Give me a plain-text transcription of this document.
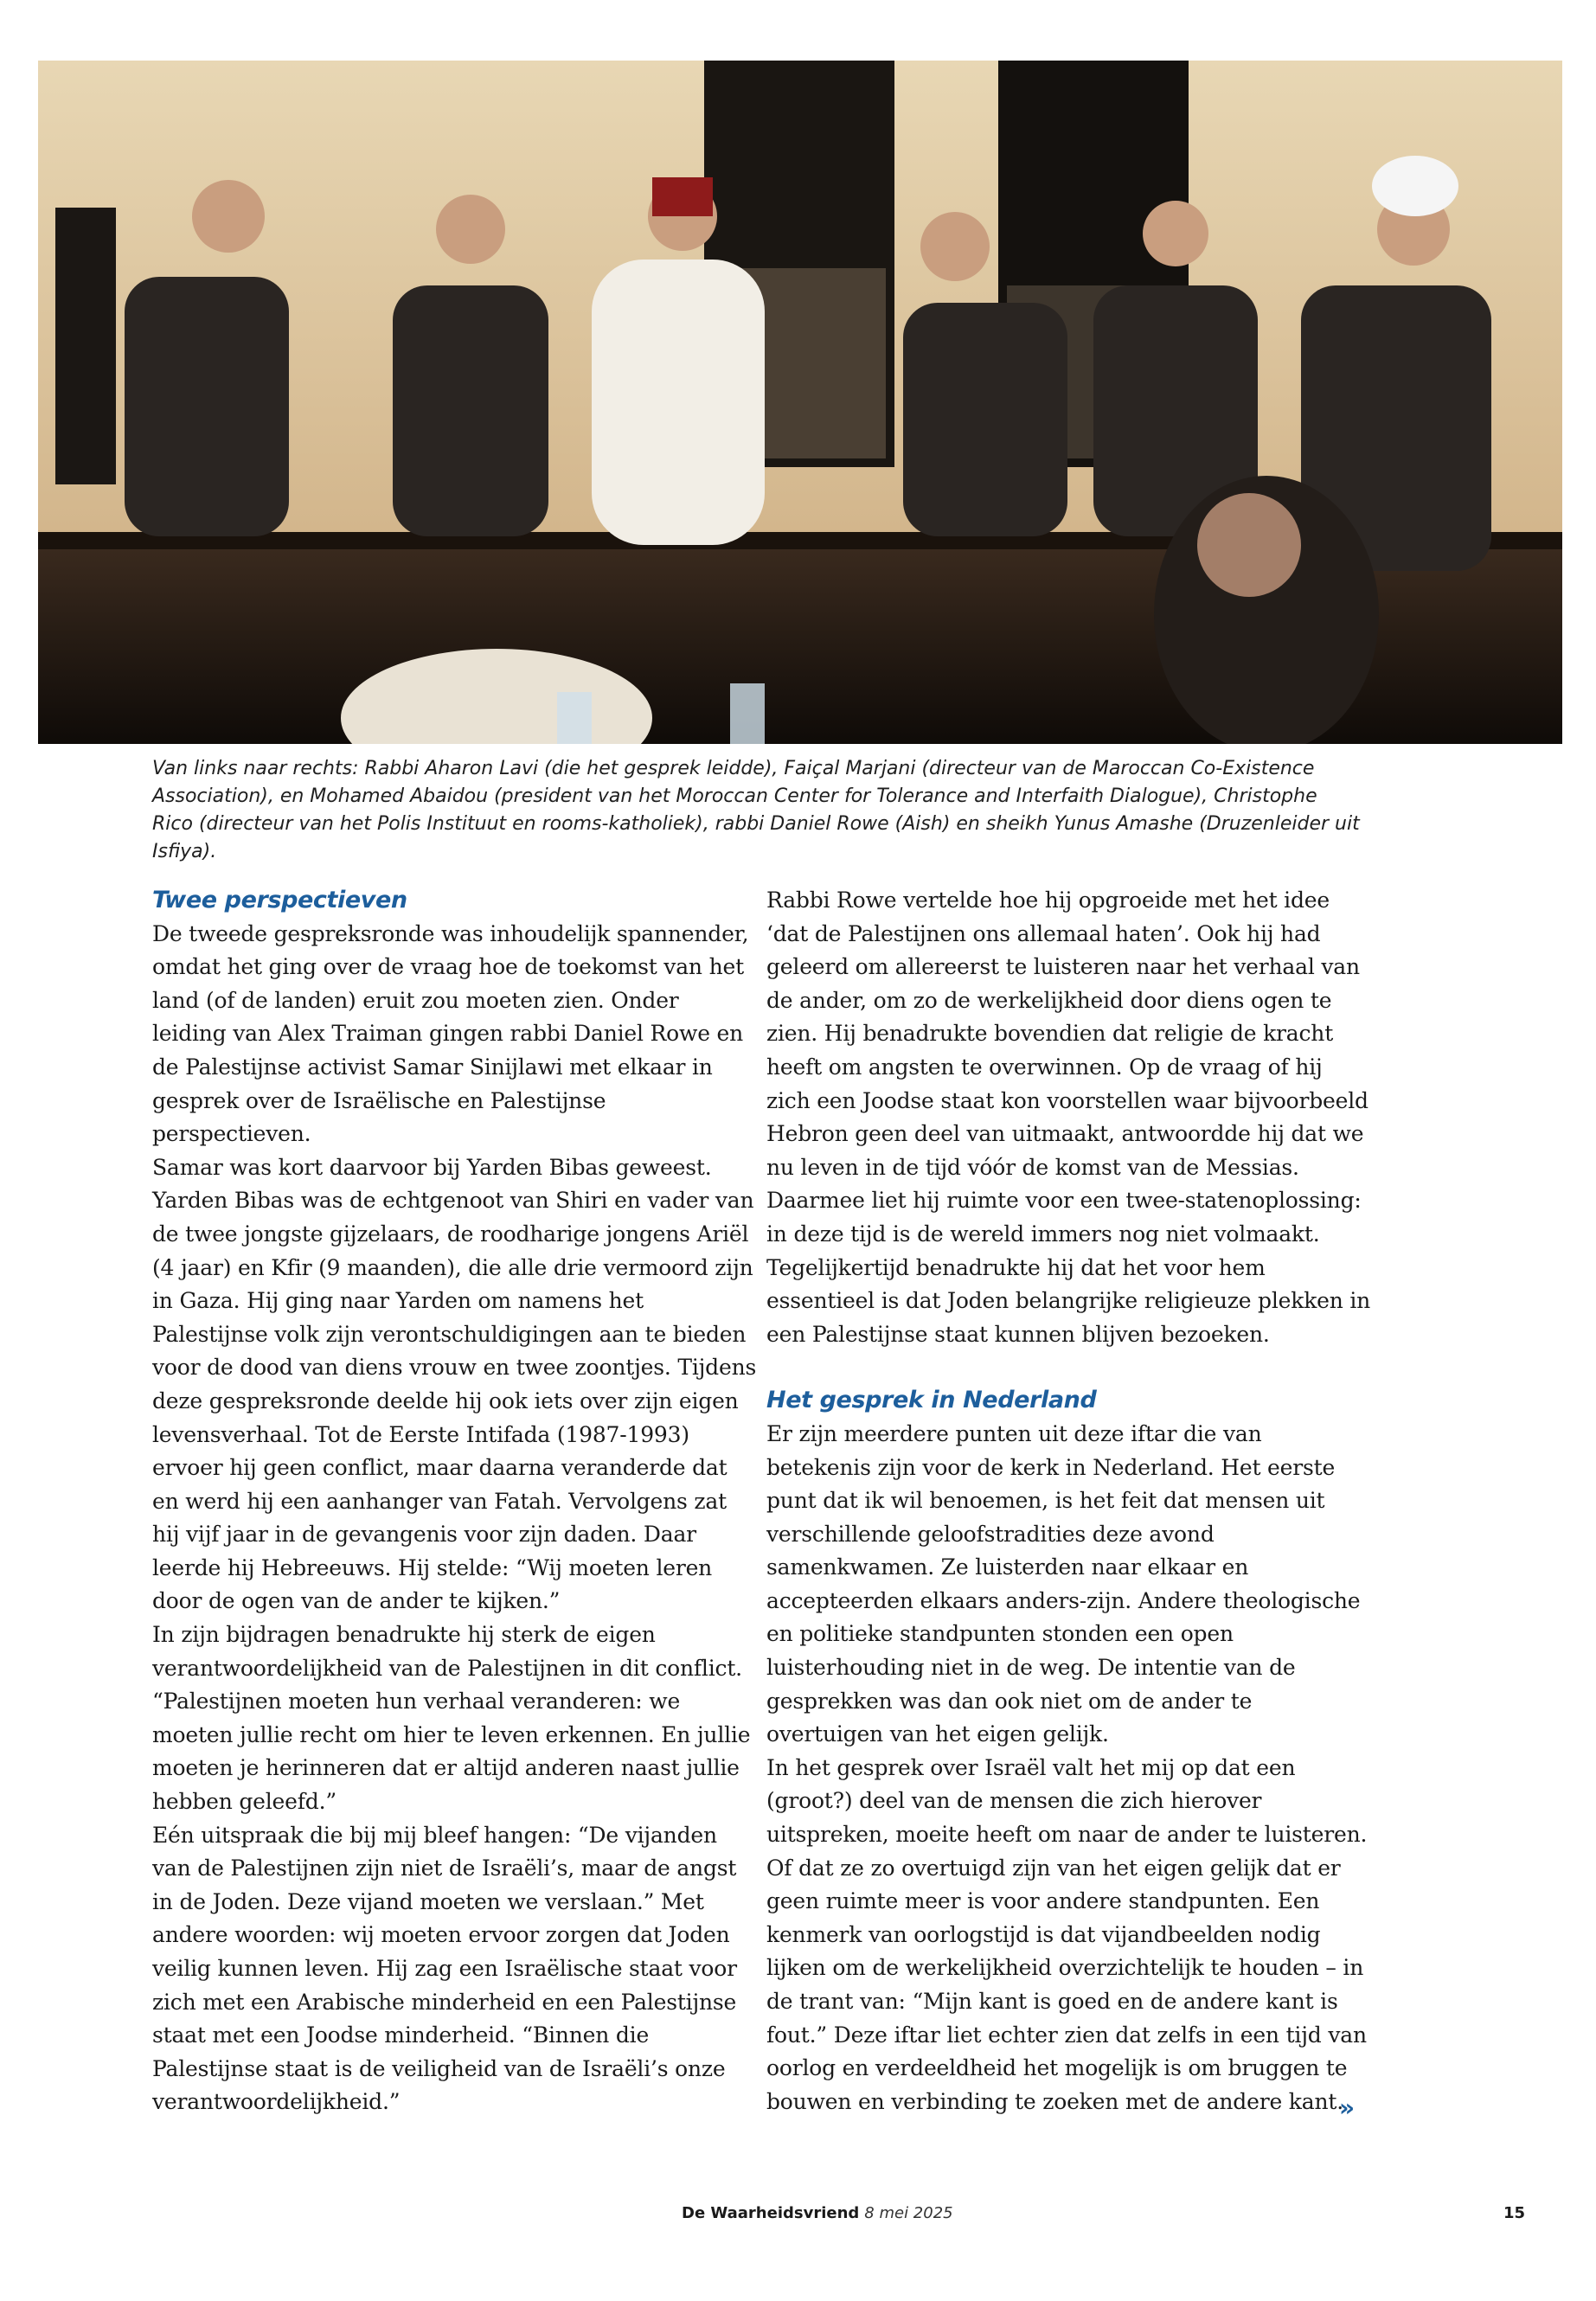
Van links naar rechts: Rabbi Aharon Lavi (die het gesprek leidde), Faiçal Marjani (directeur van de Maroccan Co-Existence Association), en Mohamed Abaidou (president van het Moroccan Center for Tolerance and Interfaith Dialogue), Christophe Rico (directeur van het Polis Instituut en rooms-katholiek), rabbi Daniel Rowe (Aish) en sheikh Yunus Amashe (Druzenleider uit Isfiya).

Twee perspectieven

De tweede gespreksronde was inhoudelijk spannender, omdat het ging over de vraag hoe de toekomst van het land (of de landen) eruit zou moeten zien. Onder leiding van Alex Traiman gingen rabbi Daniel Rowe en de Palestijnse activist Samar Sinijlawi met elkaar in gesprek over de Israëlische en Palestijnse perspectieven.

Samar was kort daarvoor bij Yarden Bibas geweest. Yarden Bibas was de echtgenoot van Shiri en vader van de twee jongste gijzelaars, de roodharige jongens Ariël (4 jaar) en Kfir (9 maanden), die alle drie vermoord zijn in Gaza. Hij ging naar Yarden om namens het Palestijnse volk zijn verontschuldigingen aan te bieden voor de dood van diens vrouw en twee zoontjes. Tijdens deze gespreksronde deelde hij ook iets over zijn eigen levensverhaal. Tot de Eerste Intifada (1987-1993) ervoer hij geen conflict, maar daarna veranderde dat en werd hij een aanhanger van Fatah. Vervolgens zat hij vijf jaar in de gevangenis voor zijn daden. Daar leerde hij Hebreeuws. Hij stelde: “Wij moeten leren door de ogen van de ander te kijken.”

In zijn bijdragen benadrukte hij sterk de eigen verantwoordelijkheid van de Palestijnen in dit conflict. “Palestijnen moeten hun verhaal veranderen: we moeten jullie recht om hier te leven erkennen. En jullie moeten je herinneren dat er altijd anderen naast jullie hebben geleefd.”

Eén uitspraak die bij mij bleef hangen: “De vijanden van de Palestijnen zijn niet de Israëli’s, maar de angst in de Joden. Deze vijand moeten we verslaan.” Met andere woorden: wij moeten ervoor zorgen dat Joden veilig kunnen leven. Hij zag een Israëlische staat voor zich met een Arabische minderheid en een Palestijnse staat met een Joodse minderheid. “Binnen die Palestijnse staat is de veiligheid van de Israëli’s onze verantwoordelijkheid.”

Rabbi Rowe vertelde hoe hij opgroeide met het idee ‘dat de Palestijnen ons allemaal haten’. Ook hij had geleerd om allereerst te luisteren naar het verhaal van de ander, om zo de werkelijkheid door diens ogen te zien. Hij benadrukte bovendien dat religie de kracht heeft om angsten te overwinnen. Op de vraag of hij zich een Joodse staat kon voorstellen waar bijvoorbeeld Hebron geen deel van uitmaakt, antwoordde hij dat we nu leven in de tijd vóór de komst van de Messias. Daarmee liet hij ruimte voor een twee-statenoplossing: in deze tijd is de wereld immers nog niet volmaakt. Tegelijkertijd benadrukte hij dat het voor hem essentieel is dat Joden belangrijke religieuze plekken in een Palestijnse staat kunnen blijven bezoeken.

Het gesprek in Nederland

Er zijn meerdere punten uit deze iftar die van betekenis zijn voor de kerk in Nederland. Het eerste punt dat ik wil benoemen, is het feit dat mensen uit verschillende geloofstradities deze avond samenkwamen. Ze luisterden naar elkaar en accepteerden elkaars anders-zijn. Andere theologische en politieke standpunten stonden een open luisterhouding niet in de weg. De intentie van de gesprekken was dan ook niet om de ander te overtuigen van het eigen gelijk.

In het gesprek over Israël valt het mij op dat een (groot?) deel van de mensen die zich hierover uitspreken, moeite heeft om naar de ander te luisteren. Of dat ze zo overtuigd zijn van het eigen gelijk dat er geen ruimte meer is voor andere standpunten. Een kenmerk van oorlogstijd is dat vijandbeelden nodig lijken om de werkelijkheid overzichtelijk te houden – in de trant van: “Mijn kant is goed en de andere kant is fout.” Deze iftar liet echter zien dat zelfs in een tijd van oorlog en verdeeldheid het mogelijk is om bruggen te bouwen en verbinding te zoeken met de andere kant.

»
De Waarheidsvriend 8 mei 2025	15
